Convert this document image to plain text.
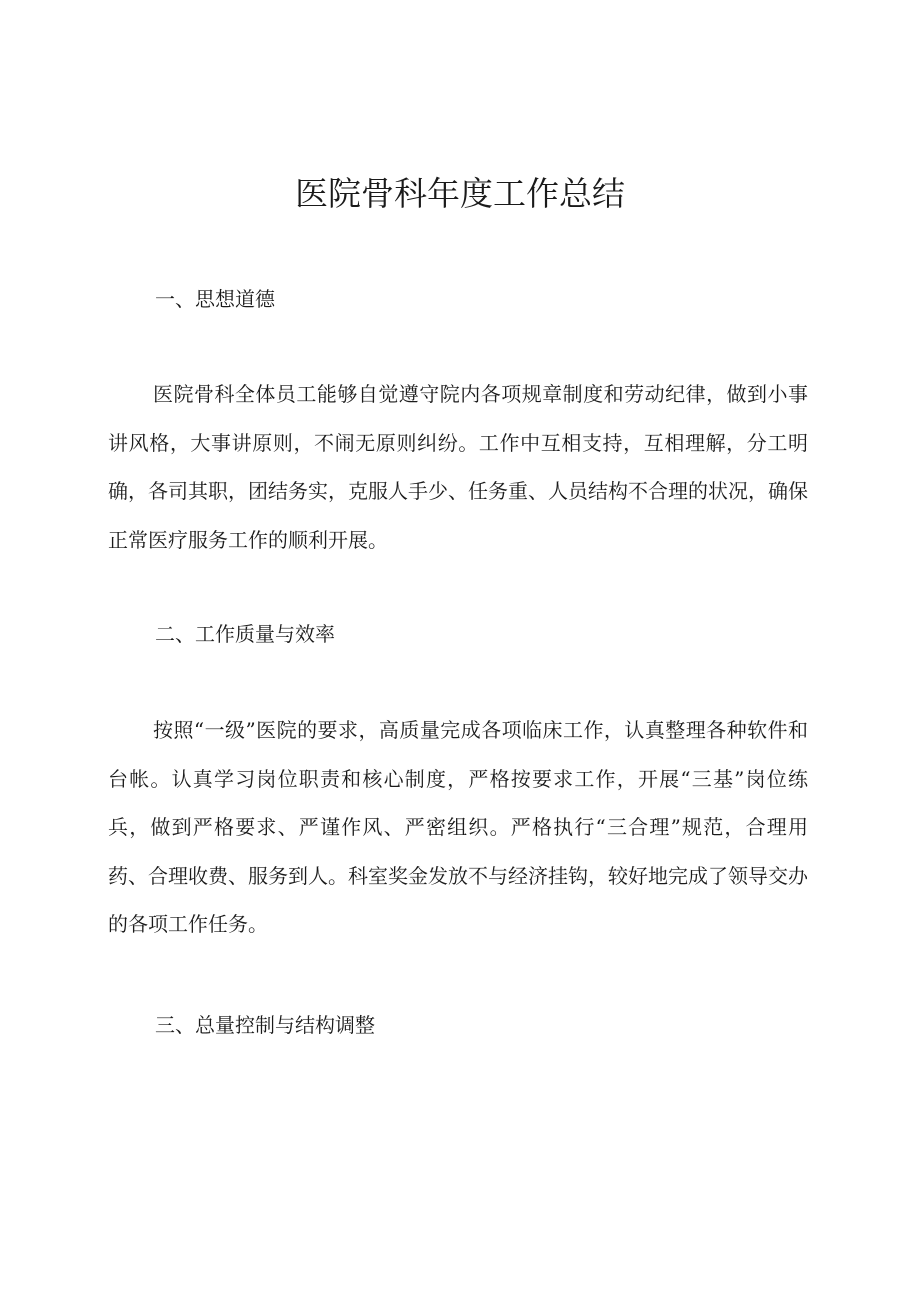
医院骨科年度工作总结

一、思想道德

医院骨科全体员工能够自觉遵守院内各项规章制度和劳动纪律，做到小事讲风格，大事讲原则，不闹无原则纠纷。工作中互相支持，互相理解，分工明确，各司其职，团结务实，克服人手少、任务重、人员结构不合理的状况，确保正常医疗服务工作的顺利开展。

二、工作质量与效率

按照“一级”医院的要求，高质量完成各项临床工作，认真整理各种软件和台帐。认真学习岗位职责和核心制度，严格按要求工作，开展“三基”岗位练兵，做到严格要求、严谨作风、严密组织。严格执行“三合理”规范，合理用药、合理收费、服务到人。科室奖金发放不与经济挂钩，较好地完成了领导交办的各项工作任务。

三、总量控制与结构调整
